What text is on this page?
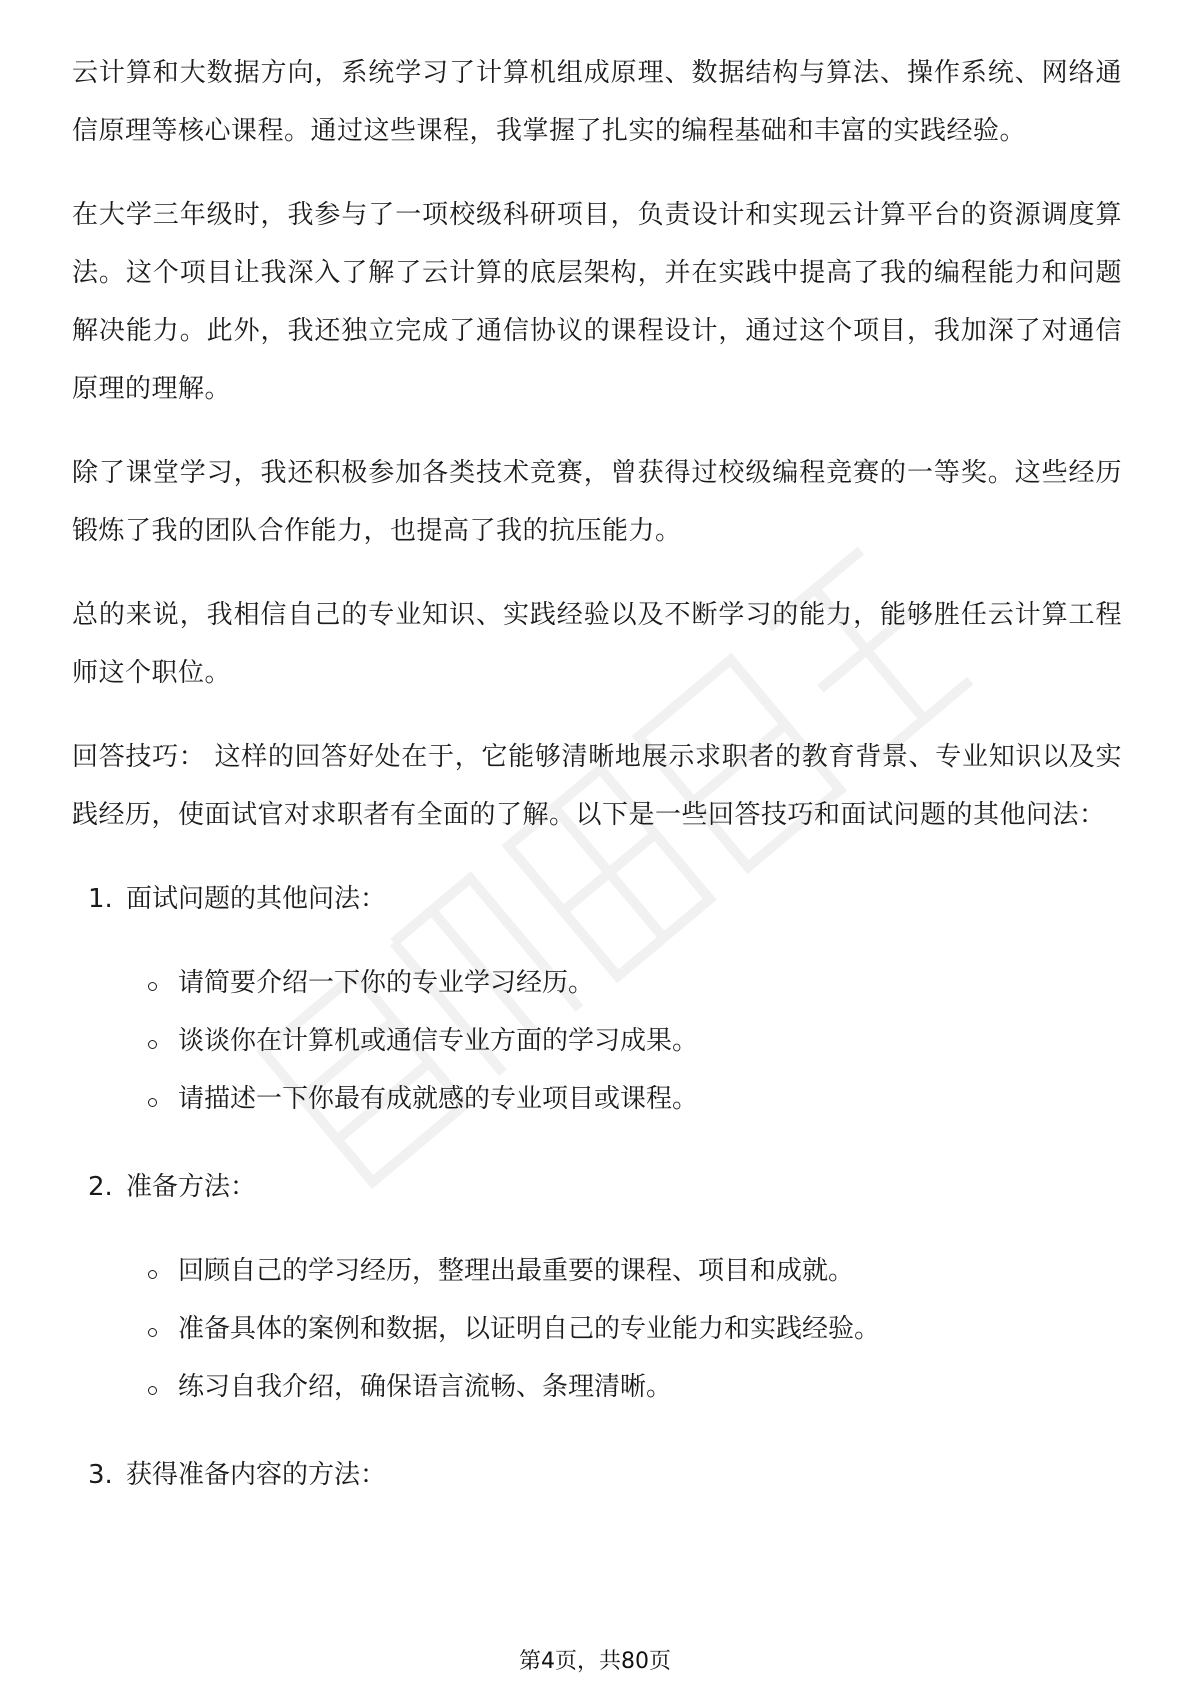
云计算和大数据方向，系统学习了计算机组成原理、数据结构与算法、操作系统、网络通信原理等核心课程。通过这些课程，我掌握了扎实的编程基础和丰富的实践经验。

在大学三年级时，我参与了一项校级科研项目，负责设计和实现云计算平台的资源调度算法。这个项目让我深入了解了云计算的底层架构，并在实践中提高了我的编程能力和问题解决能力。此外，我还独立完成了通信协议的课程设计，通过这个项目，我加深了对通信原理的理解。

除了课堂学习，我还积极参加各类技术竞赛，曾获得过校级编程竞赛的一等奖。这些经历锻炼了我的团队合作能力，也提高了我的抗压能力。

总的来说，我相信自己的专业知识、实践经验以及不断学习的能力，能够胜任云计算工程师这个职位。

回答技巧： 这样的回答好处在于，它能够清晰地展示求职者的教育背景、专业知识以及实践经历，使面试官对求职者有全面的了解。以下是一些回答技巧和面试问题的其他问法：

1. 面试问题的其他问法：
请简要介绍一下你的专业学习经历。
谈谈你在计算机或通信专业方面的学习成果。
请描述一下你最有成就感的专业项目或课程。
2. 准备方法：
回顾自己的学习经历，整理出最重要的课程、项目和成就。
准备具体的案例和数据，以证明自己的专业能力和实践经验。
练习自我介绍，确保语言流畅、条理清晰。
3. 获得准备内容的方法：
第4页，共80页
